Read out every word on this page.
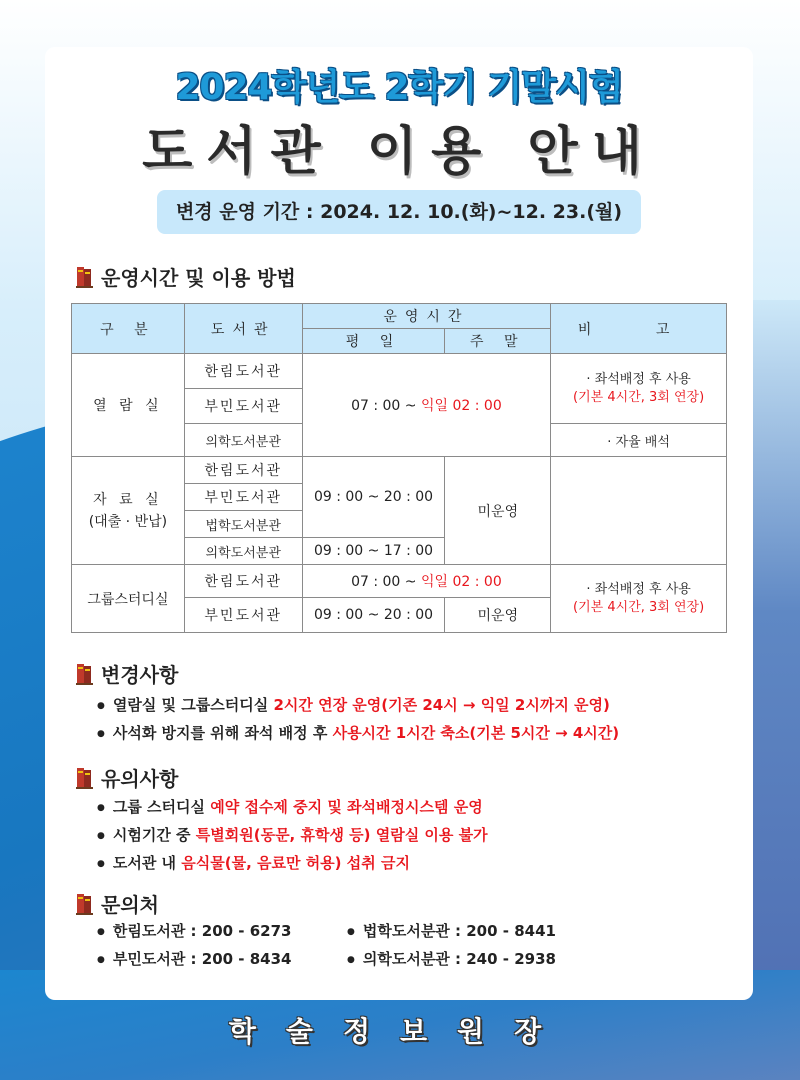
2024학년도 2학기 기말시험
도서관 이용 안내
변경 운영 기간 : 2024. 12. 10.(화)~12. 23.(월)
운영시간 및 이용 방법
구 분	도서관	운영시간		비 고
		평 일	주 말	
열 람 실	한림도서관	07 : 00 ~ 익일 02 : 00		· 좌석배정 후 사용
(기본 4시간, 3회 연장)

	부민도서관			
	의학도서분관			· 자율 배석

자 료 실
(대출 · 반납)	한림도서관	09 : 00 ~ 20 : 00	미운영	
	부민도서관			
	법학도서분관			
	의학도서분관	09 : 00 ~ 17 : 00		
그룹스터디실	한림도서관	07 : 00 ~ 익일 02 : 00		· 좌석배정 후 사용
(기본 4시간, 3회 연장)

	부민도서관	09 : 00 ~ 20 : 00	미운영	
변경사항
● 열람실 및 그룹스터디실 2시간 연장 운영(기존 24시 → 익일 2시까지 운영)
● 사석화 방지를 위해 좌석 배정 후 사용시간 1시간 축소(기본 5시간 → 4시간)
유의사항
● 그룹 스터디실 예약 접수제 중지 및 좌석배정시스템 운영
● 시험기간 중 특별회원(동문, 휴학생 등) 열람실 이용 불가
● 도서관 내 음식물(물, 음료만 허용) 섭취 금지
문의처
● 한림도서관 : 200 - 6273	● 법학도서분관 : 200 - 8441
● 부민도서관 : 200 - 8434	● 의학도서분관 : 240 - 2938
학술정보원장
